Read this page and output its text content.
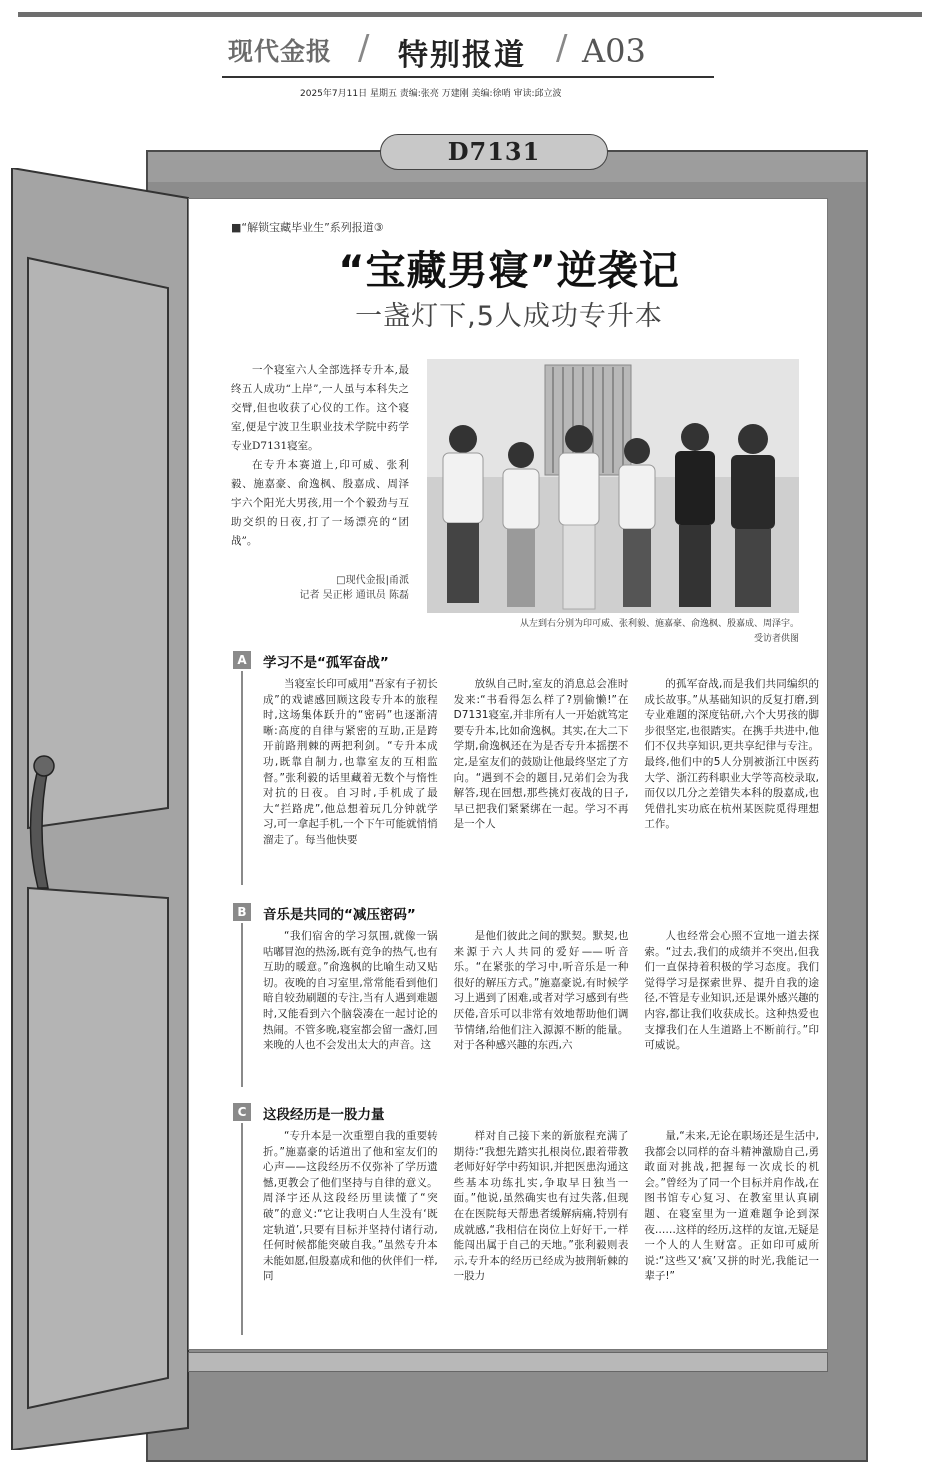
现代金报 / 特别报道 / A03
2025年7月11日 星期五 责编:张亮 万建刚 美编:徐哨 审读:邱立波
D7131
■“解锁宝藏毕业生”系列报道③
“宝藏男寝”逆袭记
一盏灯下,5人成功专升本

一个寝室六人全部选择专升本,最终五人成功“上岸”,一人虽与本科失之交臂,但也收获了心仪的工作。这个寝室,便是宁波卫生职业技术学院中药学专业D7131寝室。

在专升本赛道上,印可威、张利毅、施嘉豪、俞逸枫、殷嘉成、周泽宇六个阳光大男孩,用一个个毅劲与互助交织的日夜,打了一场漂亮的“团战”。

□现代金报|甬派
记者 吴正彬 通讯员 陈磊
从左到右分别为印可威、张利毅、施嘉豪、俞逸枫、殷嘉成、周泽宇。
受访者供图
A	学习不是“孤军奋战”

当寝室长印可威用“吾家有子初长成”的戏谑感回顾这段专升本的旅程时,这场集体跃升的“密码”也逐渐清晰:高度的自律与紧密的互助,正是跨开前路荆棘的两把利剑。“专升本成功,既靠自制力,也靠室友的互相监督。”张利毅的话里藏着无数个与惰性对抗的日夜。自习时,手机成了最大“拦路虎”,他总想着玩几分钟就学习,可一拿起手机,一个下午可能就悄悄溜走了。每当他快要

放纵自己时,室友的消息总会准时发来:“书看得怎么样了?别偷懒!”在D7131寝室,并非所有人一开始就笃定要专升本,比如俞逸枫。其实,在大二下学期,俞逸枫还在为是否专升本摇摆不定,是室友们的鼓励让他最终坚定了方向。“遇到不会的题目,兄弟们会为我解答,现在回想,那些挑灯夜战的日子,早已把我们紧紧绑在一起。学习不再是一个人

的孤军奋战,而是我们共同编织的成长故事。”从基础知识的反复打磨,到专业难题的深度钻研,六个大男孩的脚步很坚定,也很踏实。在携手共进中,他们不仅共享知识,更共享纪律与专注。最终,他们中的5人分别被浙江中医药大学、浙江药科职业大学等高校录取,而仅以几分之差错失本科的殷嘉成,也凭借扎实功底在杭州某医院觅得理想工作。

B	音乐是共同的“减压密码”

“我们宿舍的学习氛围,就像一锅咕嘟冒泡的热汤,既有竞争的热气,也有互助的暖意。”俞逸枫的比喻生动又贴切。夜晚的自习室里,常常能看到他们暗自较劲刷题的专注,当有人遇到难题时,又能看到六个脑袋凑在一起讨论的热闹。不管多晚,寝室都会留一盏灯,回来晚的人也不会发出太大的声音。这

是他们彼此之间的默契。默契,也来源于六人共同的爱好——听音乐。“在紧张的学习中,听音乐是一种很好的解压方式。”施嘉豪说,有时候学习上遇到了困难,或者对学习感到有些厌倦,音乐可以非常有效地帮助他们调节情绪,给他们注入源源不断的能量。对于各种感兴趣的东西,六

人也经常会心照不宣地一道去探索。“过去,我们的成绩并不突出,但我们一直保持着积极的学习态度。我们觉得学习是探索世界、提升自我的途径,不管是专业知识,还是课外感兴趣的内容,都让我们收获成长。这种热爱也支撑我们在人生道路上不断前行。”印可威说。

C	这段经历是一股力量

“专升本是一次重塑自我的重要转折。”施嘉豪的话道出了他和室友们的心声——这段经历不仅弥补了学历遗憾,更教会了他们坚持与自律的意义。周泽宇还从这段经历里读懂了“突破”的意义:“它让我明白人生没有‘既定轨道’,只要有目标并坚持付诸行动,任何时候都能突破自我。”虽然专升本未能如愿,但殷嘉成和他的伙伴们一样,同

样对自己接下来的新旅程充满了期待:“我想先踏实扎根岗位,跟着带教老师好好学中药知识,并把医患沟通这些基本功练扎实,争取早日独当一面。”他说,虽然确实也有过失落,但现在在医院每天帮患者缓解病痛,特别有成就感,“我相信在岗位上好好干,一样能闯出属于自己的天地。”张利毅则表示,专升本的经历已经成为披荆斩棘的一股力

量,“未来,无论在职场还是生活中,我都会以同样的奋斗精神激励自己,勇敢面对挑战,把握每一次成长的机会。”曾经为了同一个目标并肩作战,在图书馆专心复习、在教室里认真刷题、在寝室里为一道难题争论到深夜……这样的经历,这样的友谊,无疑是一个人的人生财富。正如印可威所说:“这些又‘疯’又拼的时光,我能记一辈子!”
